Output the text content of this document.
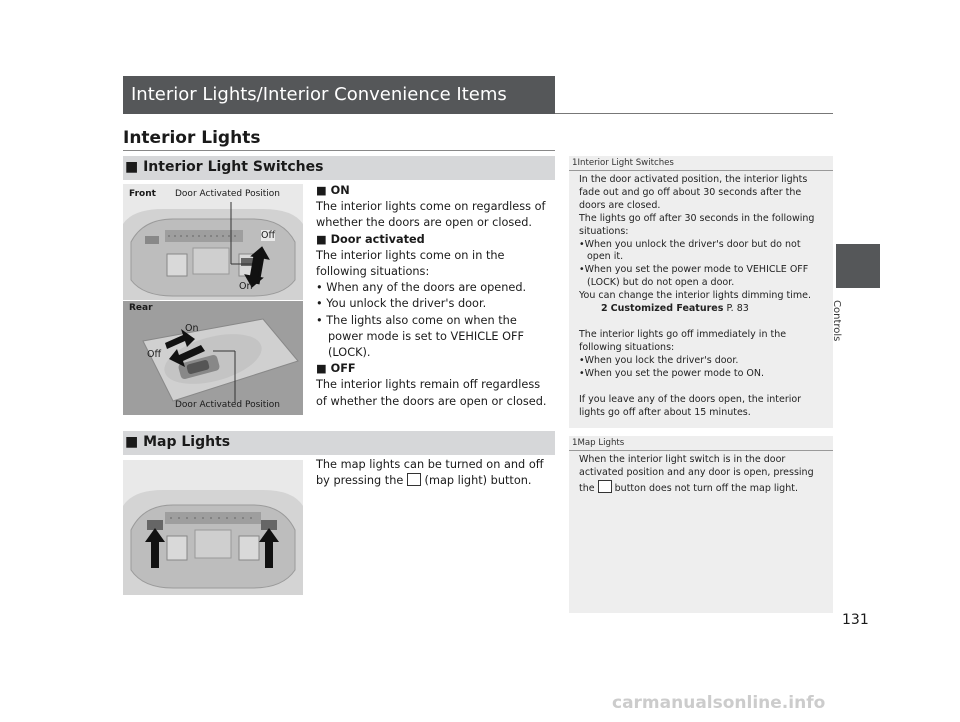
Interior Lights/Interior Convenience Items
Interior Lights
■ Interior Light Switches
Front Door Activated Position
Off
On
Rear
On
Off
Door Activated Position
■ ON
The interior lights come on regardless of whether the doors are open or closed.
■ Door activated
The interior lights come on in the following situations:
• When any of the doors are opened.
• You unlock the driver's door.
• The lights also come on when the power mode is set to VEHICLE OFF (LOCK).
■ OFF
The interior lights remain off regardless of whether the doors are open or closed.
■ Map Lights
The map lights can be turned on and off by pressing the (map light) button.
1Interior Light Switches
In the door activated position, the interior lights fade out and go off about 30 seconds after the doors are closed.
The lights go off after 30 seconds in the following situations:
•When you unlock the driver's door but do not open it.
•When you set the power mode to VEHICLE OFF (LOCK) but do not open a door.
You can change the interior lights dimming time.
2 Customized Features P. 83
The interior lights go off immediately in the following situations:
•When you lock the driver's door.
•When you set the power mode to ON.
If you leave any of the doors open, the interior lights go off after about 15 minutes.
1Map Lights
When the interior light switch is in the door activated position and any door is open, pressing the button does not turn off the map light.
Controls
131
carmanualsonline.info
